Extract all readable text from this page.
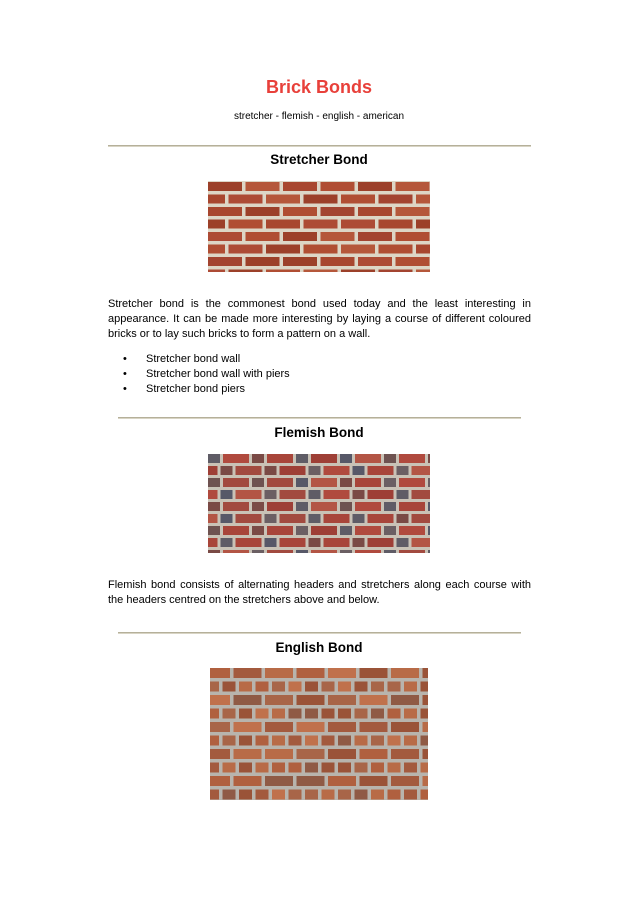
Brick Bonds
stretcher - flemish - english - american
Stretcher Bond
Stretcher bond is the commonest bond used today and the least interesting in appearance. It can be made more interesting by laying a course of different coloured bricks or to lay such bricks to form a pattern on a wall.
• Stretcher bond wall
• Stretcher bond wall with piers
• Stretcher bond piers
Flemish Bond
Flemish bond consists of alternating headers and stretchers along each course with the headers centred on the stretchers above and below.
English Bond
